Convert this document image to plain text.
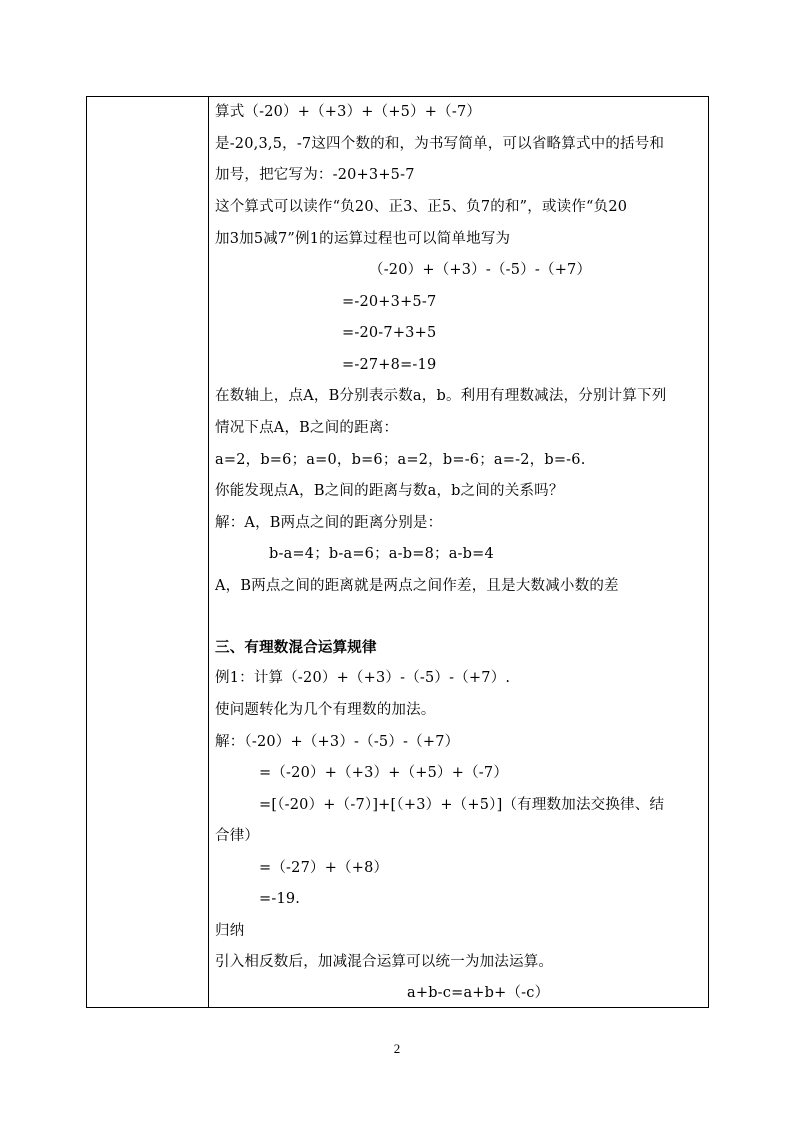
算式（-20）+（+3）+（+5）+（-7）
是-20,3,5，-7这四个数的和，为书写简单，可以省略算式中的括号和
加号，把它写为：-20+3+5-7
这个算式可以读作“负20、正3、正5、负7的和”，或读作“负20
加3加5减7”例1的运算过程也可以简单地写为
（-20）+（+3）-（-5）-（+7）
=-20+3+5-7
=-20-7+3+5
=-27+8=-19
在数轴上，点A，B分别表示数a，b。利用有理数减法，分别计算下列
情况下点A，B之间的距离：
a=2，b=6；a=0，b=6；a=2，b=-6；a=-2，b=-6.
你能发现点A，B之间的距离与数a，b之间的关系吗？
解：A，B两点之间的距离分别是：
b-a=4；b-a=6；a-b=8；a-b=4
A，B两点之间的距离就是两点之间作差，且是大数减小数的差
三、有理数混合运算规律
例1：计算（-20）+（+3）-（-5）-（+7）.
使问题转化为几个有理数的加法。
解：（-20）+（+3）-（-5）-（+7）
=（-20）+（+3）+（+5）+（-7）
=[（-20）+（-7）]+[（+3）+（+5）]（有理数加法交换律、结
合律）
=（-27）+（+8）
=-19.
归纳
引入相反数后，加减混合运算可以统一为加法运算。
a+b-c=a+b+（-c）
2
